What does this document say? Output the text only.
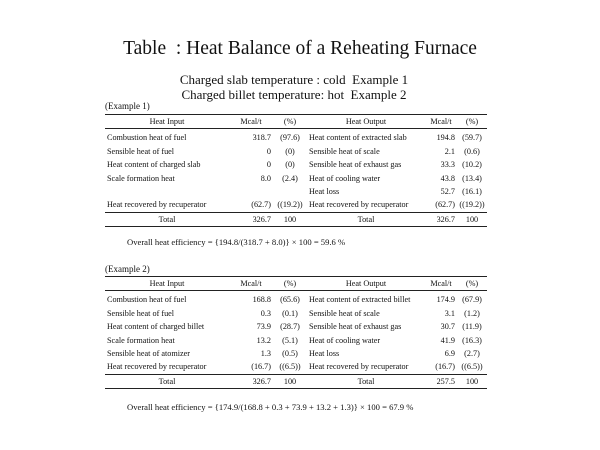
Table  : Heat Balance of a Reheating Furnace
Charged slab temperature : cold  Example 1
Charged billet temperature: hot  Example 2
(Example 1)
Heat Input	Mcal/t	(%)	Heat Output	Mcal/t	(%)
Combustion heat of fuel	318.7	(97.6)	Heat content of extracted slab	194.8	(59.7)
Sensible heat of fuel	0	(0)	Sensible heat of scale	2.1	(0.6)
Heat content of charged slab	0	(0)	Sensible heat of exhaust gas	33.3	(10.2)
Scale formation heat	8.0	(2.4)	Heat of cooling water	43.8	(13.4)
			Heat loss	52.7	(16.1)
Heat recovered by recuperator	(62.7)	((19.2))	Heat recovered by recuperator	(62.7)	((19.2))
Total	326.7	100	Total	326.7	100
Overall heat efficiency = {194.8/(318.7 + 8.0)} × 100 = 59.6 %
(Example 2)
Heat Input	Mcal/t	(%)	Heat Output	Mcal/t	(%)
Combustion heat of fuel	168.8	(65.6)	Heat content of extracted billet	174.9	(67.9)
Sensible heat of fuel	0.3	(0.1)	Sensible heat of scale	3.1	(1.2)
Heat content of charged billet	73.9	(28.7)	Sensible heat of exhaust gas	30.7	(11.9)
Scale formation heat	13.2	(5.1)	Heat of cooling water	41.9	(16.3)
Sensible heat of atomizer	1.3	(0.5)	Heat loss	6.9	(2.7)
Heat recovered by recuperator	(16.7)	((6.5))	Heat recovered by recuperator	(16.7)	((6.5))
Total	326.7	100	Total	257.5	100
Overall heat efficiency = {174.9/(168.8 + 0.3 + 73.9 + 13.2 + 1.3)} × 100 = 67.9 %
